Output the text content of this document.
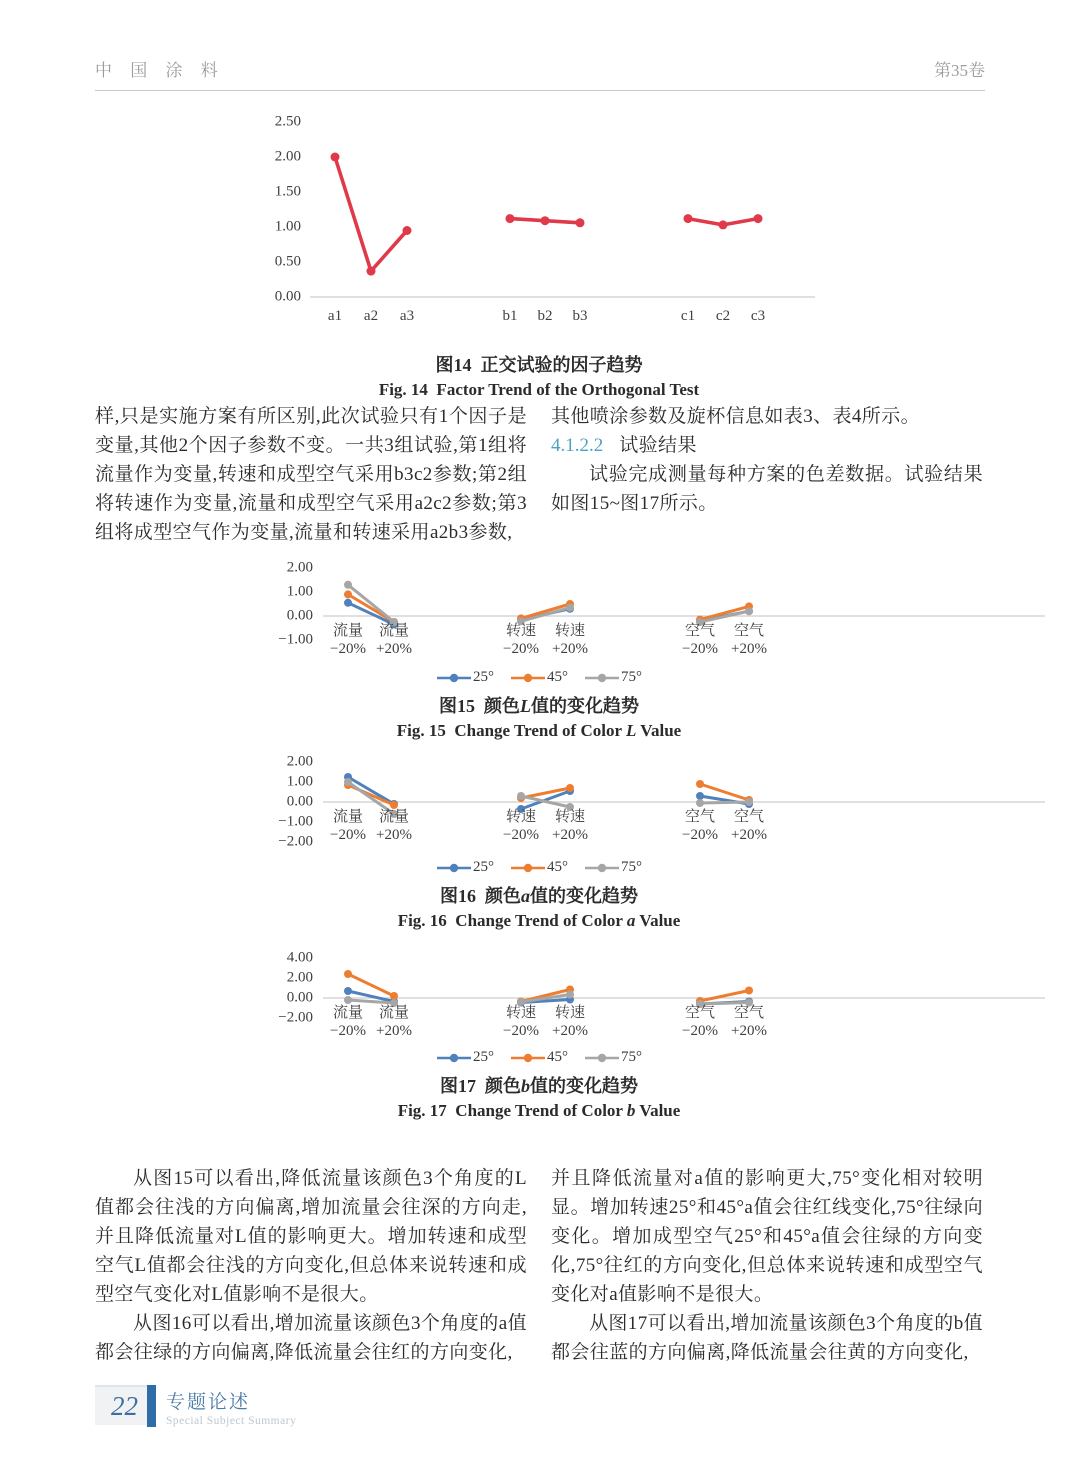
中 国 涂 料	第35卷
2.50
2.00
1.50
1.00
0.50
0.00
a1 a2 a3	b1 b2 b3	c1 c2 c3
图14  正交试验的因子趋势
Fig. 14  Factor Trend of the Orthogonal Test

样,只是实施方案有所区别,此次试验只有1个因子是变量,其他2个因子参数不变。一共3组试验,第1组将流量作为变量,转速和成型空气采用b3c2参数;第2组将转速作为变量,流量和成型空气采用a2c2参数;第3组将成型空气作为变量,流量和转速采用a2b3参数,

其他喷涂参数及旋杯信息如表3、表4所示。

4.1.2.2 试验结果

试验完成测量每种方案的色差数据。试验结果如图15~图17所示。

2.00
1.00
0.00
−1.00
流量
−20%
流量
+20%
转速
−20%
转速
+20%
空气
−20%
空气
+20%
25°	45°	75°
图15  颜色L值的变化趋势
Fig. 15  Change Trend of Color L Value
2.00
1.00
0.00
−1.00
−2.00
流量
−20%
流量
+20%
转速
−20%
转速
+20%
空气
−20%
空气
+20%
25°	45°	75°
图16  颜色a值的变化趋势
Fig. 16  Change Trend of Color a Value
4.00
2.00
0.00
−2.00 流量
−20%
流量
+20%
转速
−20%
转速
+20%
空气
−20%
空气
+20%
25°	45°	75°
图17  颜色b值的变化趋势
Fig. 17  Change Trend of Color b Value

从图15可以看出,降低流量该颜色3个角度的L值都会往浅的方向偏离,增加流量会往深的方向走,并且降低流量对L值的影响更大。增加转速和成型空气L值都会往浅的方向变化,但总体来说转速和成型空气变化对L值影响不是很大。

从图16可以看出,增加流量该颜色3个角度的a值都会往绿的方向偏离,降低流量会往红的方向变化,

并且降低流量对a值的影响更大,75°变化相对较明显。增加转速25°和45°a值会往红线变化,75°往绿向变化。增加成型空气25°和45°a值会往绿的方向变化,75°往红的方向变化,但总体来说转速和成型空气变化对a值影响不是很大。

从图17可以看出,增加流量该颜色3个角度的b值都会往蓝的方向偏离,降低流量会往黄的方向变化,

22	专题论述
Special Subject Summary
